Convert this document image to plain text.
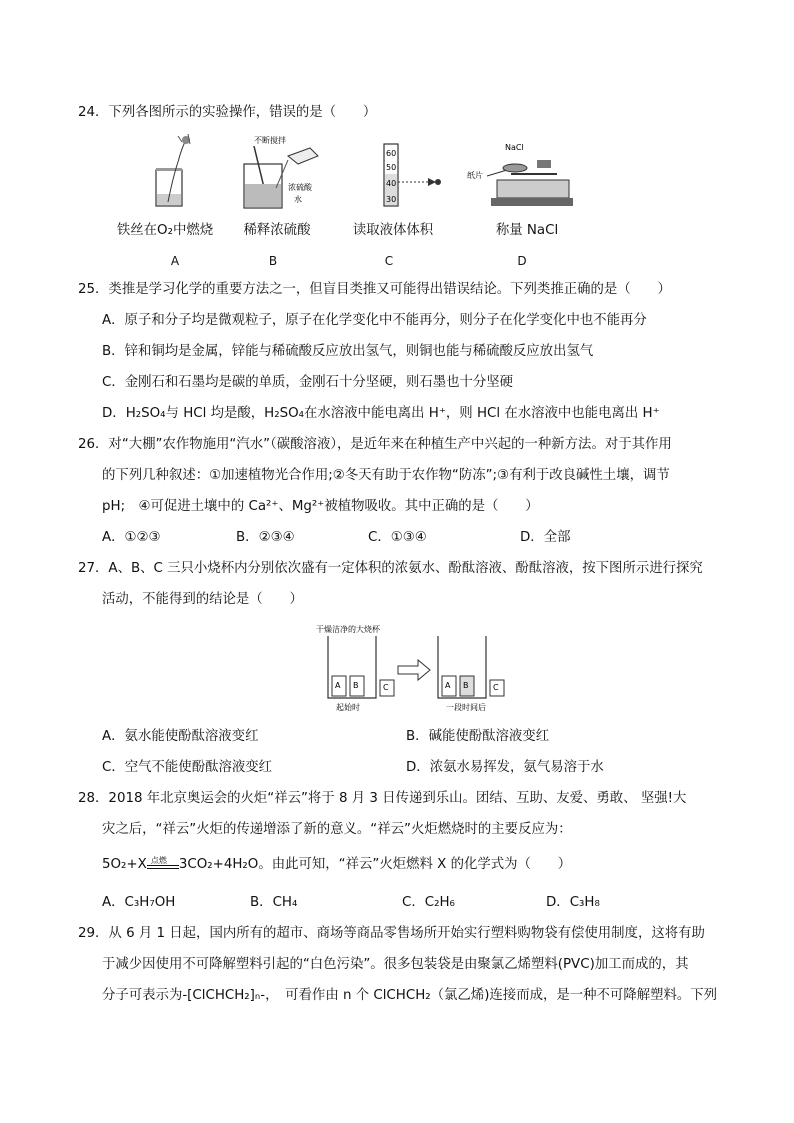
24．下列各图所示的实验操作，错误的是（　　）
不断搅拌
浓硫酸
水
60
50
40
30
NaCl
纸片
铁丝在O₂中燃烧	稀释浓硫酸	读取液体体积	称量 NaCl
A	B	C	D
25．类推是学习化学的重要方法之一，但盲目类推又可能得出错误结论。下列类推正确的是（　　）
A．原子和分子均是微观粒子，原子在化学变化中不能再分，则分子在化学变化中也不能再分
B．锌和铜均是金属，锌能与稀硫酸反应放出氢气，则铜也能与稀硫酸反应放出氢气
C．金刚石和石墨均是碳的单质，金刚石十分坚硬，则石墨也十分坚硬
D．H₂SO₄与 HCl 均是酸，H₂SO₄在水溶液中能电离出 H⁺，则 HCl 在水溶液中也能电离出 H⁺
26．对“大棚”农作物施用“汽水”（碳酸溶液），是近年来在种植生产中兴起的一种新方法。对于其作用
的下列几种叙述：①加速植物光合作用;②冬天有助于农作物“防冻”;③有利于改良碱性土壤，调节
pH;　④可促进土壤中的 Ca²⁺、Mg²⁺被植物吸收。其中正确的是（　　）
A．①②③	B．②③④	C．①③④	D．全部
27．A、B、C 三只小烧杯内分别依次盛有一定体积的浓氨水、酚酞溶液、酚酞溶液，按下图所示进行探究
活动，不能得到的结论是（　　）
干燥洁净的大烧杯
A B	C
起始时
A B	C
一段时间后
A．氨水能使酚酞溶液变红	B．碱能使酚酞溶液变红
C．空气不能使酚酞溶液变红	D．浓氨水易挥发，氨气易溶于水
28．2018 年北京奥运会的火炬“祥云”将于 8 月 3 日传递到乐山。团结、互助、友爱、勇敢、 坚强!大
灾之后，“祥云”火炬的传递增添了新的意义。“祥云”火炬燃烧时的主要反应为：
5O₂+X 点燃 3CO₂+4H₂O。由此可知，“祥云”火炬燃料 X 的化学式为（　　）
A．C₃H₇OH	B．CH₄	C．C₂H₆	D．C₃H₈
29．从 6 月 1 日起，国内所有的超市、商场等商品零售场所开始实行塑料购物袋有偿使用制度，这将有助
于减少因使用不可降解塑料引起的“白色污染”。很多包装袋是由聚氯乙烯塑料(PVC)加工而成的，其
分子可表示为-[ClCHCH₂]ₙ-，　可看作由 n 个 ClCHCH₂（氯乙烯)连接而成，是一种不可降解塑料。下列
